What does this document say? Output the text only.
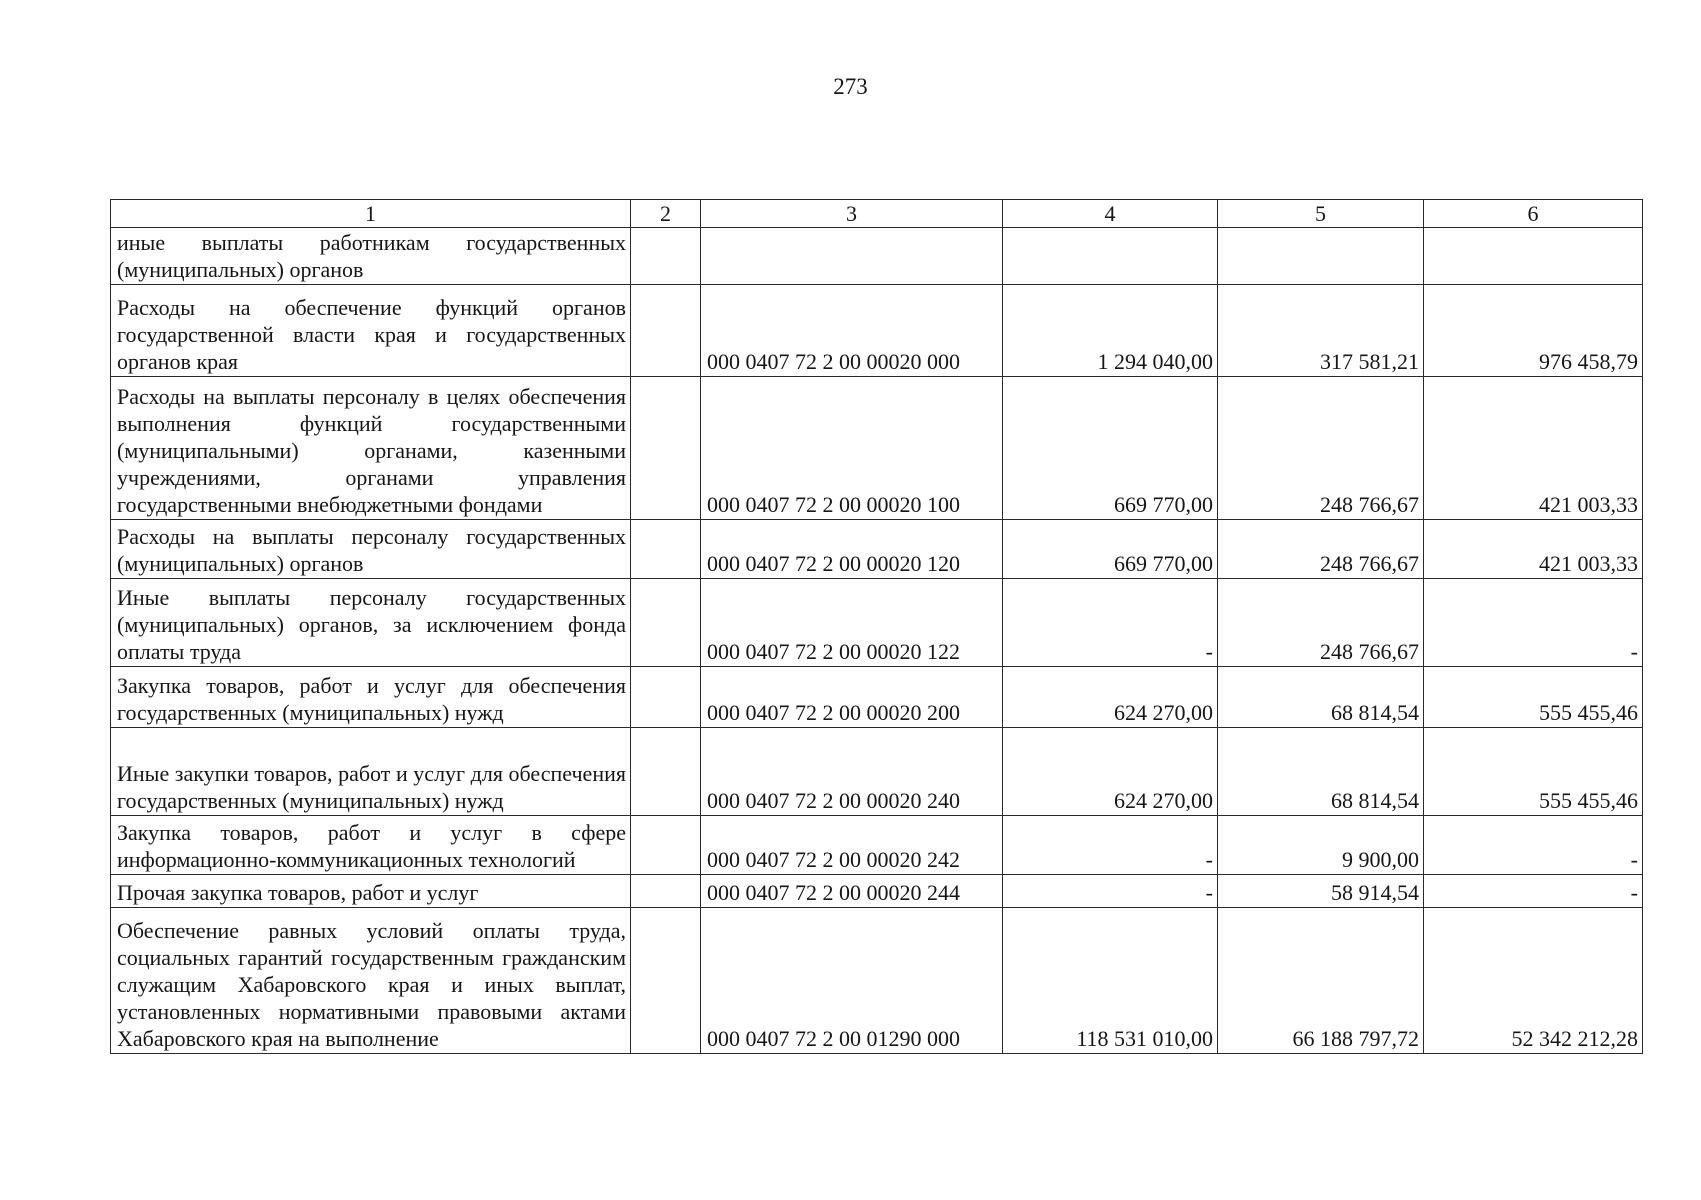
273
1	2	3	4	5	6
иные выплаты работникам государственных (муниципальных) органов					
Расходы на обеспечение функций органов государственной власти края и государственных органов края		000 0407 72 2 00 00020 000	1 294 040,00	317 581,21	976 458,79
Расходы на выплаты персоналу в целях обеспечения выполнения функций государственными (муниципальными) органами, казенными учреждениями, органами управления государственными внебюджетными фондами		000 0407 72 2 00 00020 100	669 770,00	248 766,67	421 003,33
Расходы на выплаты персоналу государственных (муниципальных) органов		000 0407 72 2 00 00020 120	669 770,00	248 766,67	421 003,33
Иные выплаты персоналу государственных (муниципальных) органов, за исключением фонда оплаты труда		000 0407 72 2 00 00020 122	-	248 766,67	-
Закупка товаров, работ и услуг для обеспечения государственных (муниципальных) нужд		000 0407 72 2 00 00020 200	624 270,00	68 814,54	555 455,46
Иные закупки товаров, работ и услуг для обеспечения государственных (муниципальных) нужд		000 0407 72 2 00 00020 240	624 270,00	68 814,54	555 455,46
Закупка товаров, работ и услуг в сфере информационно-коммуникационных технологий		000 0407 72 2 00 00020 242	-	9 900,00	-
Прочая закупка товаров, работ и услуг		000 0407 72 2 00 00020 244	-	58 914,54	-
Обеспечение равных условий оплаты труда, социальных гарантий государственным гражданским служащим Хабаровского края и иных выплат, установленных нормативными правовыми актами Хабаровского края на выполнение		000 0407 72 2 00 01290 000	118 531 010,00	66 188 797,72	52 342 212,28
